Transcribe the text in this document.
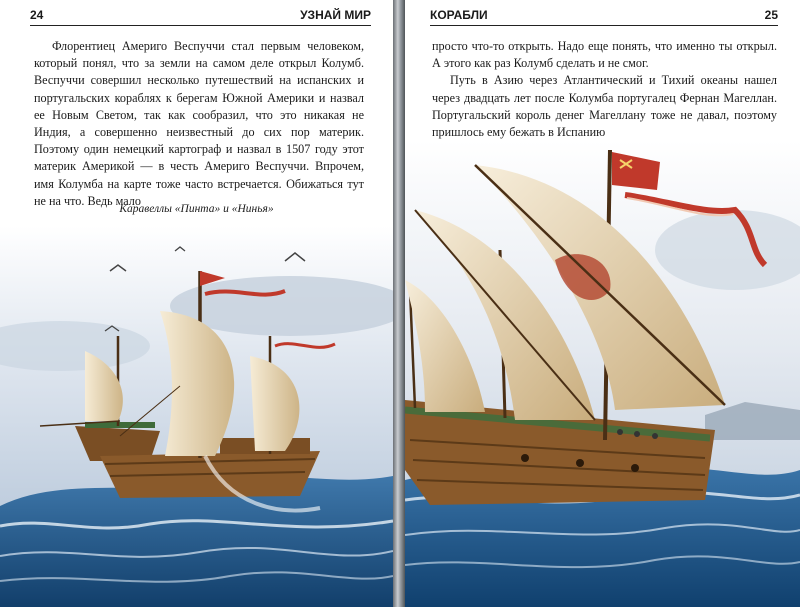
24	УЗНАЙ МИР

Флорентиец Америго Веспуччи стал первым человеком, который понял, что за земли на самом деле открыл Колумб. Веспуччи совершил несколько путешествий на испанских и португальских кораблях к берегам Южной Америки и назвал ее Новым Светом, так как сообразил, что это никакая не Индия, а совершенно неизвестный до сих пор материк. Поэтому один немецкий картограф и назвал в 1507 году этот материк Америкой — в честь Америго Веспуччи. Впрочем, имя Колумба на карте тоже часто встречается. Обижаться тут не на что. Ведь мало

Каравеллы «Пинта» и «Нинья»
КОРАБЛИ	25

просто что-то открыть. Надо еще понять, что именно ты открыл. А этого как раз Колумб сделать и не смог.

Путь в Азию через Атлантический и Тихий океаны нашел через двадцать лет после Колумба португалец Фернан Магеллан. Португальский король денег Магеллану тоже не давал, поэтому пришлось ему бежать в Испанию
